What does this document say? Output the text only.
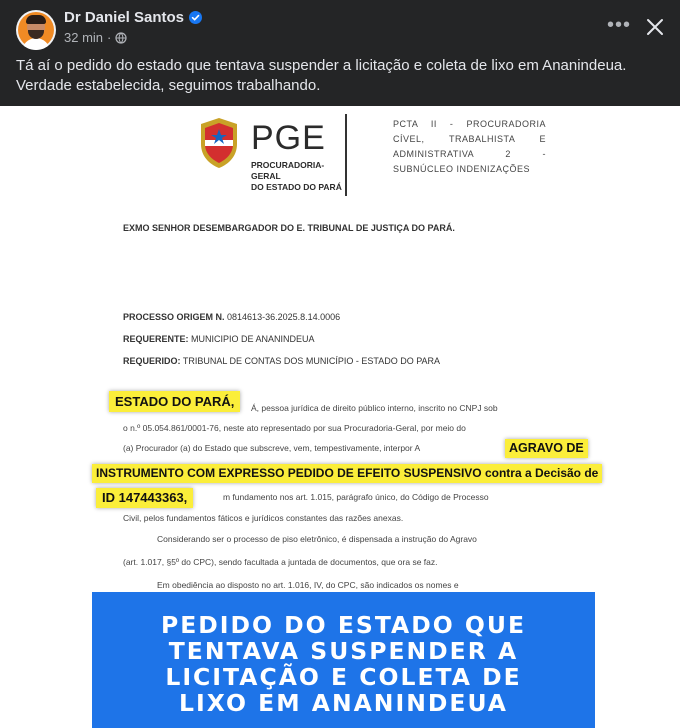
Dr Daniel Santos
32 min ·
•••
Tá aí o pedido do estado que tentava suspender a licitação e coleta de lixo em Ananindeua. Verdade estabelecida, seguimos trabalhando.
PGE
PROCURADORIA-
GERAL
DO ESTADO DO PARÁ
PCTA II - PROCURADORIA CÍVEL, TRABALHISTA E ADMINISTRATIVA 2 - SUBNÚCLEO INDENIZAÇÕES
EXMO SENHOR DESEMBARGADOR DO E. TRIBUNAL DE JUSTIÇA DO PARÁ.
PROCESSO ORIGEM N. 0814613-36.2025.8.14.0006
REQUERENTE: MUNICIPIO DE ANANINDEUA
REQUERIDO: TRIBUNAL DE CONTAS DOS MUNICÍPIO - ESTADO DO PARA
ESTADO DO PARÁ,	Á, pessoa jurídica de direito público interno, inscrito no CNPJ sob
o n.º 05.054.861/0001-76, neste ato representado por sua Procuradoria-Geral, por meio do
(a) Procurador (a) do Estado que subscreve, vem, tempestivamente, interpor A	AGRAVO DE
INSTRUMENTO COM EXPRESSO PEDIDO DE EFEITO SUSPENSIVO contra a Decisão de
ID 147443363,	m fundamento nos art. 1.015, parágrafo único, do Código de Processo
Civil, pelos fundamentos fáticos e jurídicos constantes das razões anexas.
Considerando ser o processo de piso eletrônico, é dispensada a instrução do Agravo
(art. 1.017, §5º do CPC), sendo facultada a juntada de documentos, que ora se faz.
Em obediência ao disposto no art. 1.016, IV, do CPC, são indicados os nomes e
PEDIDO DO ESTADO QUE
TENTAVA SUSPENDER A
LICITAÇÃO E COLETA DE
LIXO EM ANANINDEUA
